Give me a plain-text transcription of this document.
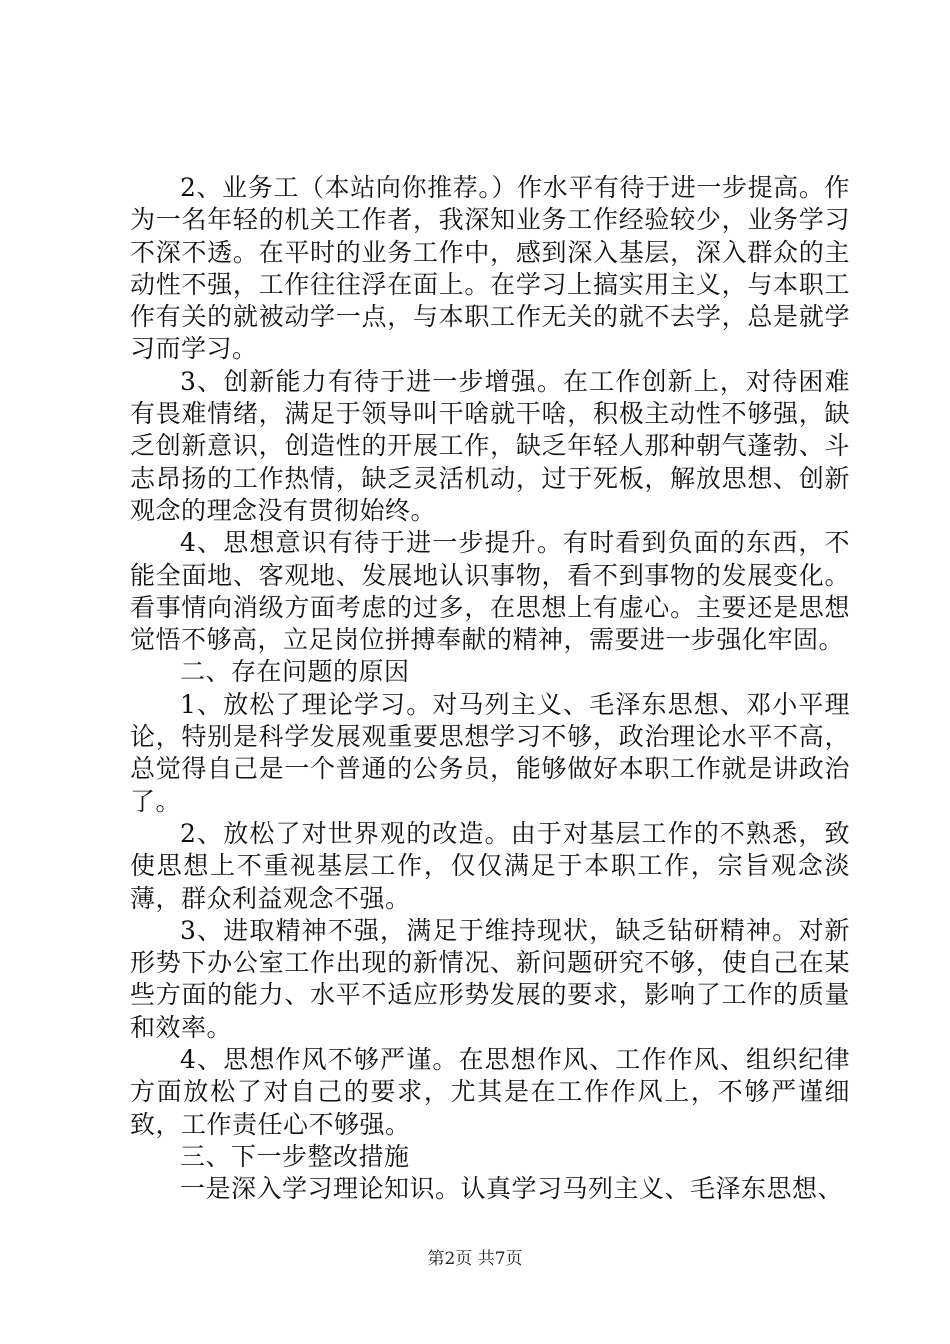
2、业务工（本站向你推荐。）作水平有待于进一步提高。作为一名年轻的机关工作者，我深知业务工作经验较少，业务学习不深不透。在平时的业务工作中，感到深入基层，深入群众的主动性不强，工作往往浮在面上。在学习上搞实用主义，与本职工作有关的就被动学一点，与本职工作无关的就不去学，总是就学习而学习。

3、创新能力有待于进一步增强。在工作创新上，对待困难有畏难情绪，满足于领导叫干啥就干啥，积极主动性不够强，缺乏创新意识，创造性的开展工作，缺乏年轻人那种朝气蓬勃、斗志昂扬的工作热情，缺乏灵活机动，过于死板，解放思想、创新观念的理念没有贯彻始终。

4、思想意识有待于进一步提升。有时看到负面的东西，不能全面地、客观地、发展地认识事物，看不到事物的发展变化。看事情向消级方面考虑的过多，在思想上有虚心。主要还是思想觉悟不够高，立足岗位拼搏奉献的精神，需要进一步强化牢固。

二、存在问题的原因

1、放松了理论学习。对马列主义、毛泽东思想、邓小平理论，特别是科学发展观重要思想学习不够，政治理论水平不高，总觉得自己是一个普通的公务员，能够做好本职工作就是讲政治了。

2、放松了对世界观的改造。由于对基层工作的不熟悉，致使思想上不重视基层工作，仅仅满足于本职工作，宗旨观念淡薄，群众利益观念不强。

3、进取精神不强，满足于维持现状，缺乏钻研精神。对新形势下办公室工作出现的新情况、新问题研究不够，使自己在某些方面的能力、水平不适应形势发展的要求，影响了工作的质量和效率。

4、思想作风不够严谨。在思想作风、工作作风、组织纪律方面放松了对自己的要求，尤其是在工作作风上，不够严谨细致，工作责任心不够强。

三、下一步整改措施

一是深入学习理论知识。认真学习马列主义、毛泽东思想、

第2页 共7页
